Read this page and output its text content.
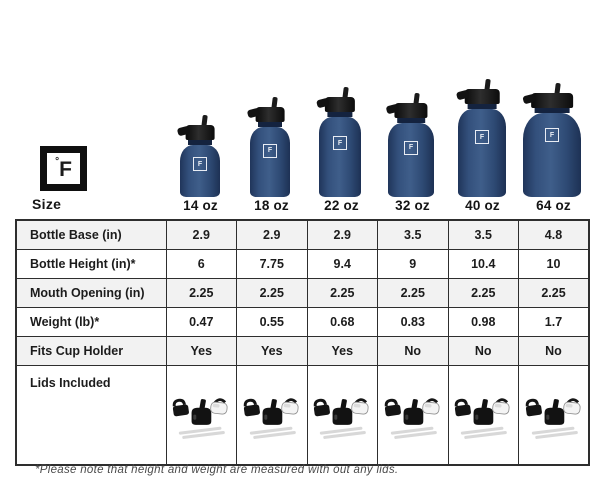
° F
Size
F
F
F
F
F	F
14 oz	18 oz	22 oz	32 oz	40 oz	64 oz
Bottle Base (in)	2.9	2.9	2.9	3.5	3.5	4.8
Bottle Height (in)*	6	7.75	9.4	9	10.4	10
Mouth Opening (in)	2.25	2.25	2.25	2.25	2.25	2.25
Weight (lb)*	0.47	0.55	0.68	0.83	0.98	1.7
Fits Cup Holder	Yes	Yes	Yes	No	No	No
Lids Included	

*Please note that height and weight are measured with out any lids.
